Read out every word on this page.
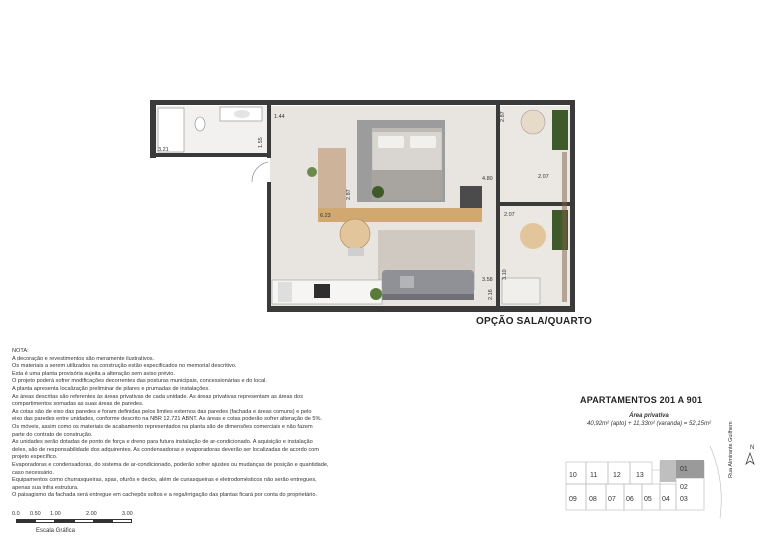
1.44
1.55
3.21
2.87
2.87
6.23
4.80	2.07
2.07
3.58 3.10
2.16
OPÇÃO SALA/QUARTO
NOTA:
A decoração e revestimentos são meramente ilustrativos.
Os materiais a serem utilizados na construção estão especificados no memorial descritivo.
Esta é uma planta provisória sujeita a alteração sem aviso prévio.
O projeto poderá sofrer modificações decorrentes das posturas municipais, concessionárias e do local.
A planta apresenta localização preliminar de pilares e prumadas de instalações.
As áreas descritas são referentes às áreas privativas de cada unidade. As áreas privativas representam as áreas dos
compartimentos somadas as suas áreas de paredes.
As cotas são de eixo das paredes e foram definidas pelos limites externos das paredes (fachada e áreas comuns) e pelo
eixo das paredes entre unidades, conforme descrito na NBR 12.721 ABNT. As áreas e cotas poderão sofrer alteração de 5%.
Os móveis, assim como os materiais de acabamento representados na planta são de dimensões comerciais e não fazem
parte do contrato de construção.
As unidades serão dotadas de ponto de força e dreno para futura instalação de ar-condicionado. A aquisição e instalação
deles, são de responsabilidade dos adquirentes. As condensadoras e evaporadoras deverão ser localizadas de acordo com
projeto específico.
Evaporadoras e condensadoras, do sistema de ar-condicionado, poderão sofrer ajustes ou mudanças de posição e quantidade,
caso necessário.
Equipamentos como churrasqueiras, spas, ofurôs e decks, além de cunasqueiras e eletrodomésticos não serão entregues,
apenas sua infra estrutura.
O paisagismo da fachada será entregue em cachepôs soltos e a rega/irrigação das plantas ficará por conta do proprietário.
0.0 0.50 1.00	2.00	3.00
Escala Gráfica
APARTAMENTOS 201 A 901
Área privativa
40,92m² (apto) + 11,33m² (varanda) = 52,15m²
10 11 12 13
01
02
09 08 07 06 05 04 03
Rua Almirante Guilhem	N
